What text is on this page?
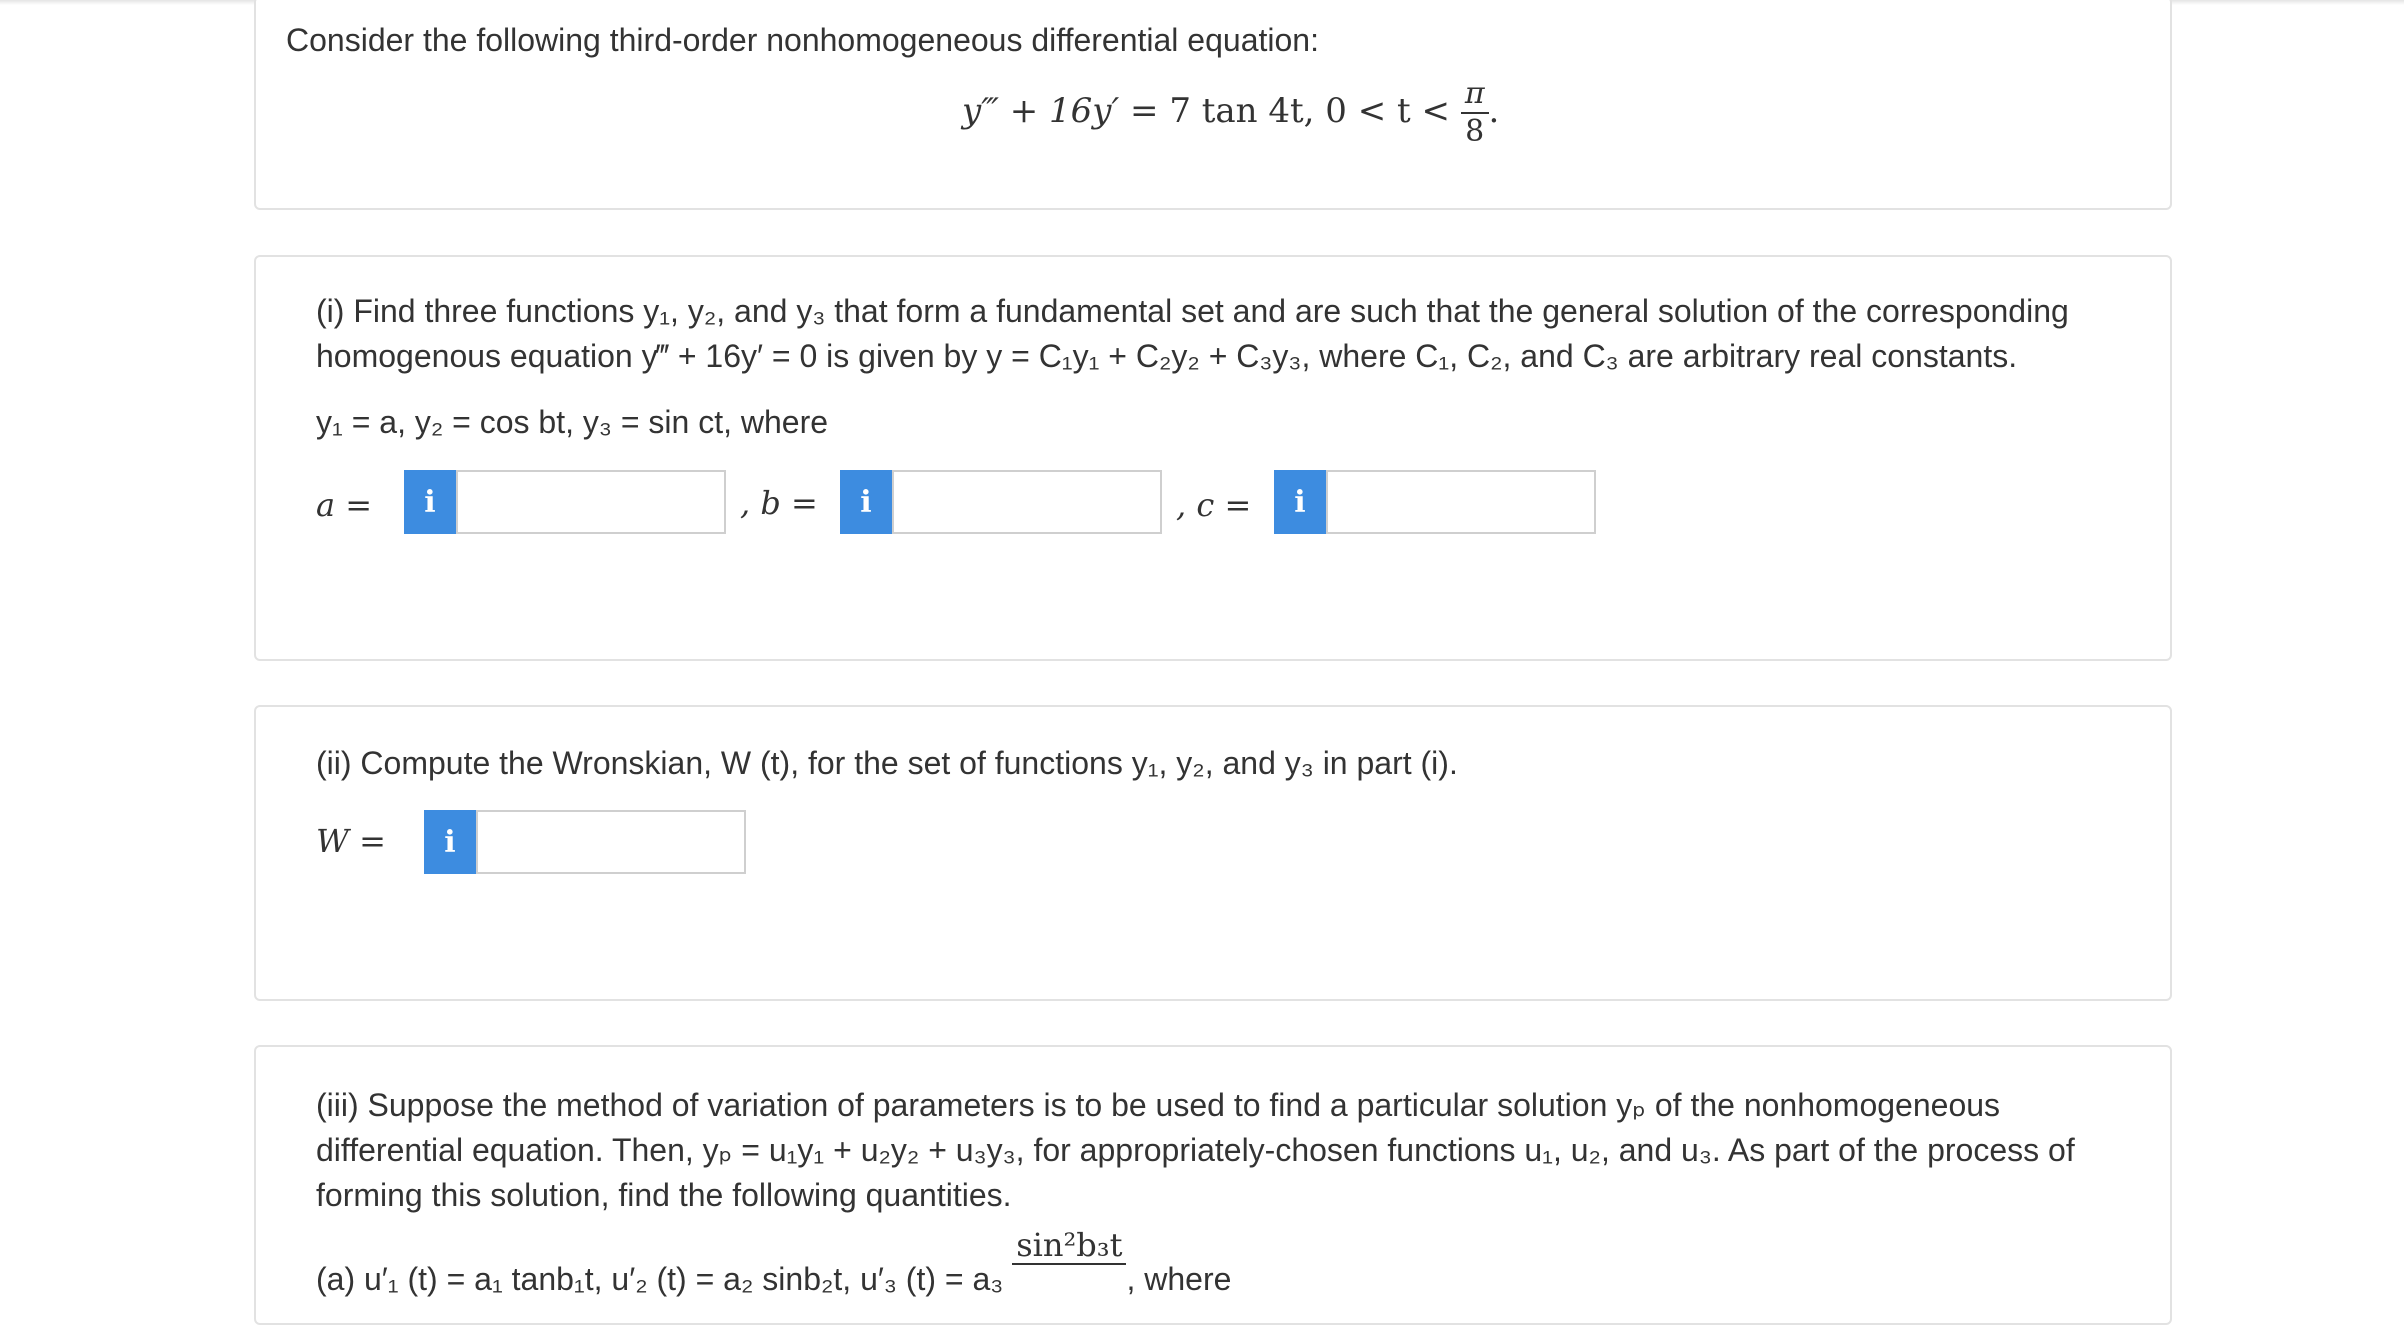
Consider the following third-order nonhomogeneous differential equation:
y‴ + 16y′ = 7 tan 4t, $0 < t < \frac{\pi}{8}$ .
(i) Find three functions y₁, y₂, and y₃ that form a fundamental set and are such that the general solution of the corresponding
homogenous equation y‴ + 16y′ = 0 is given by y = C₁y₁ + C₂y₂ + C₃y₃, where C₁, C₂, and C₃ are arbitrary real constants.
y₁ = a, y₂ = cos bt, y₃ = sin ct, where
a =	i	, b =	i	, c =	i
(ii) Compute the Wronskian, W (t), for the set of functions y₁, y₂, and y₃ in part (i).
W =	i
(iii) Suppose the method of variation of parameters is to be used to find a particular solution yₚ of the nonhomogeneous
differential equation. Then, yₚ = u₁y₁ + u₂y₂ + u₃y₃, for appropriately-chosen functions u₁, u₂, and u₃. As part of the process of
forming this solution, find the following quantities.
(a) u′₁ (t) = a₁ tanb₁t, u′₂ (t) = a₂ sinb₂t, u′₃ (t) = a₃
sin²b₃t
, where
